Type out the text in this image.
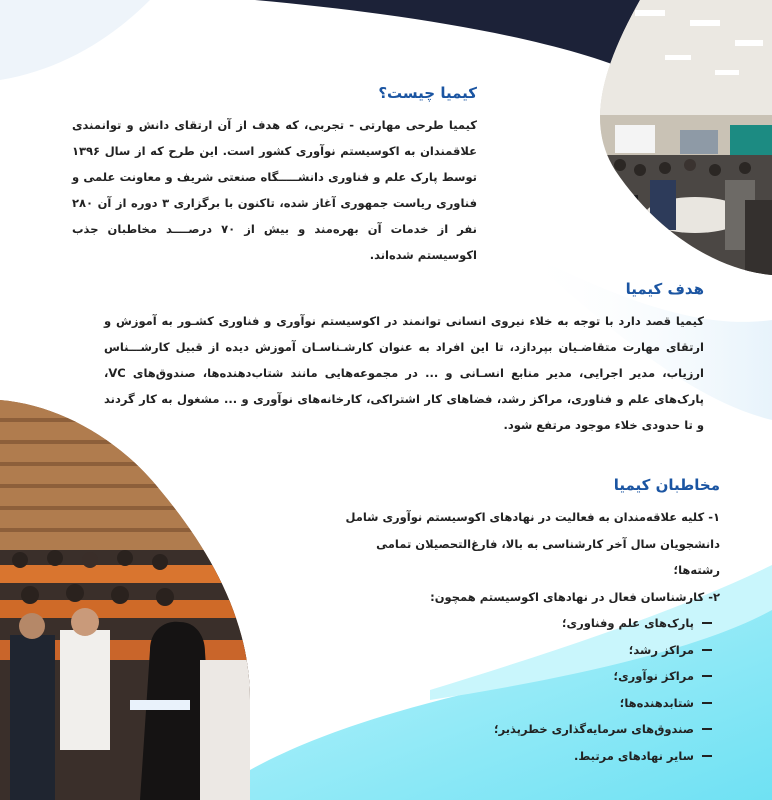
کیمیا چیست؟

کیمیا طرحی مهارتی - تجربی، که هدف از آن ارتقای دانش و توانمندی علاقمندان به اکوسیستم نوآوری کشور است. این طرح که از سال ۱۳۹۶ توسط پارک علم و فناوری دانشـــــگاه صنعتی شریف و معاونت علمی و فناوری ریاست جمهوری آغاز شده، تاکنون با برگزاری ۳ دوره از آن ۲۸۰ نفر از خدمات آن بهره‌مند و بیش از ۷۰ درصــــد مخاطبان جذب اکوسیستم شده‌اند.

هدف کیمیا

کیمیا قصد دارد با توجه به خلاء نیروی انسانی توانمند در اکوسیستم نوآوری و فناوری کشـور به آموزش و ارتقای مهارت متقاضـیان بپردازد، تا این افراد به عنوان کارشـناسـان آموزش دیده از قبیل کارشـــناس ارزیاب، مدیر اجرایی، مدیر منابع انسـانی و ... در مجموعه‌هایی مانند شتاب‌دهنده‌ها، صندوق‌های VC، پارک‌های علم و فناوری، مراکز رشد، فضاهای کار اشتراکی، کارخانه‌های نوآوری و ... مشغول به کار گردند و تا حدودی خلاء موجود مرتفع شود.

مخاطبان کیمیا
۱- کلیه علاقه‌مندان به فعالیت در نهادهای اکوسیستم نوآوری شامل
دانشجویان سال آخر کارشناسی به بالا، فارغ‌التحصیلان تمامی
رشته‌ها؛
۲- کارشناسان فعال در نهادهای اکوسیستم همچون:
پارک‌های علم وفناوری؛
مراکز رشد؛
مراکز نوآوری؛
شتابدهنده‌ها؛
صندوق‌های سرمایه‌گذاری خطرپذیر؛
سایر نهادهای مرتبط.
